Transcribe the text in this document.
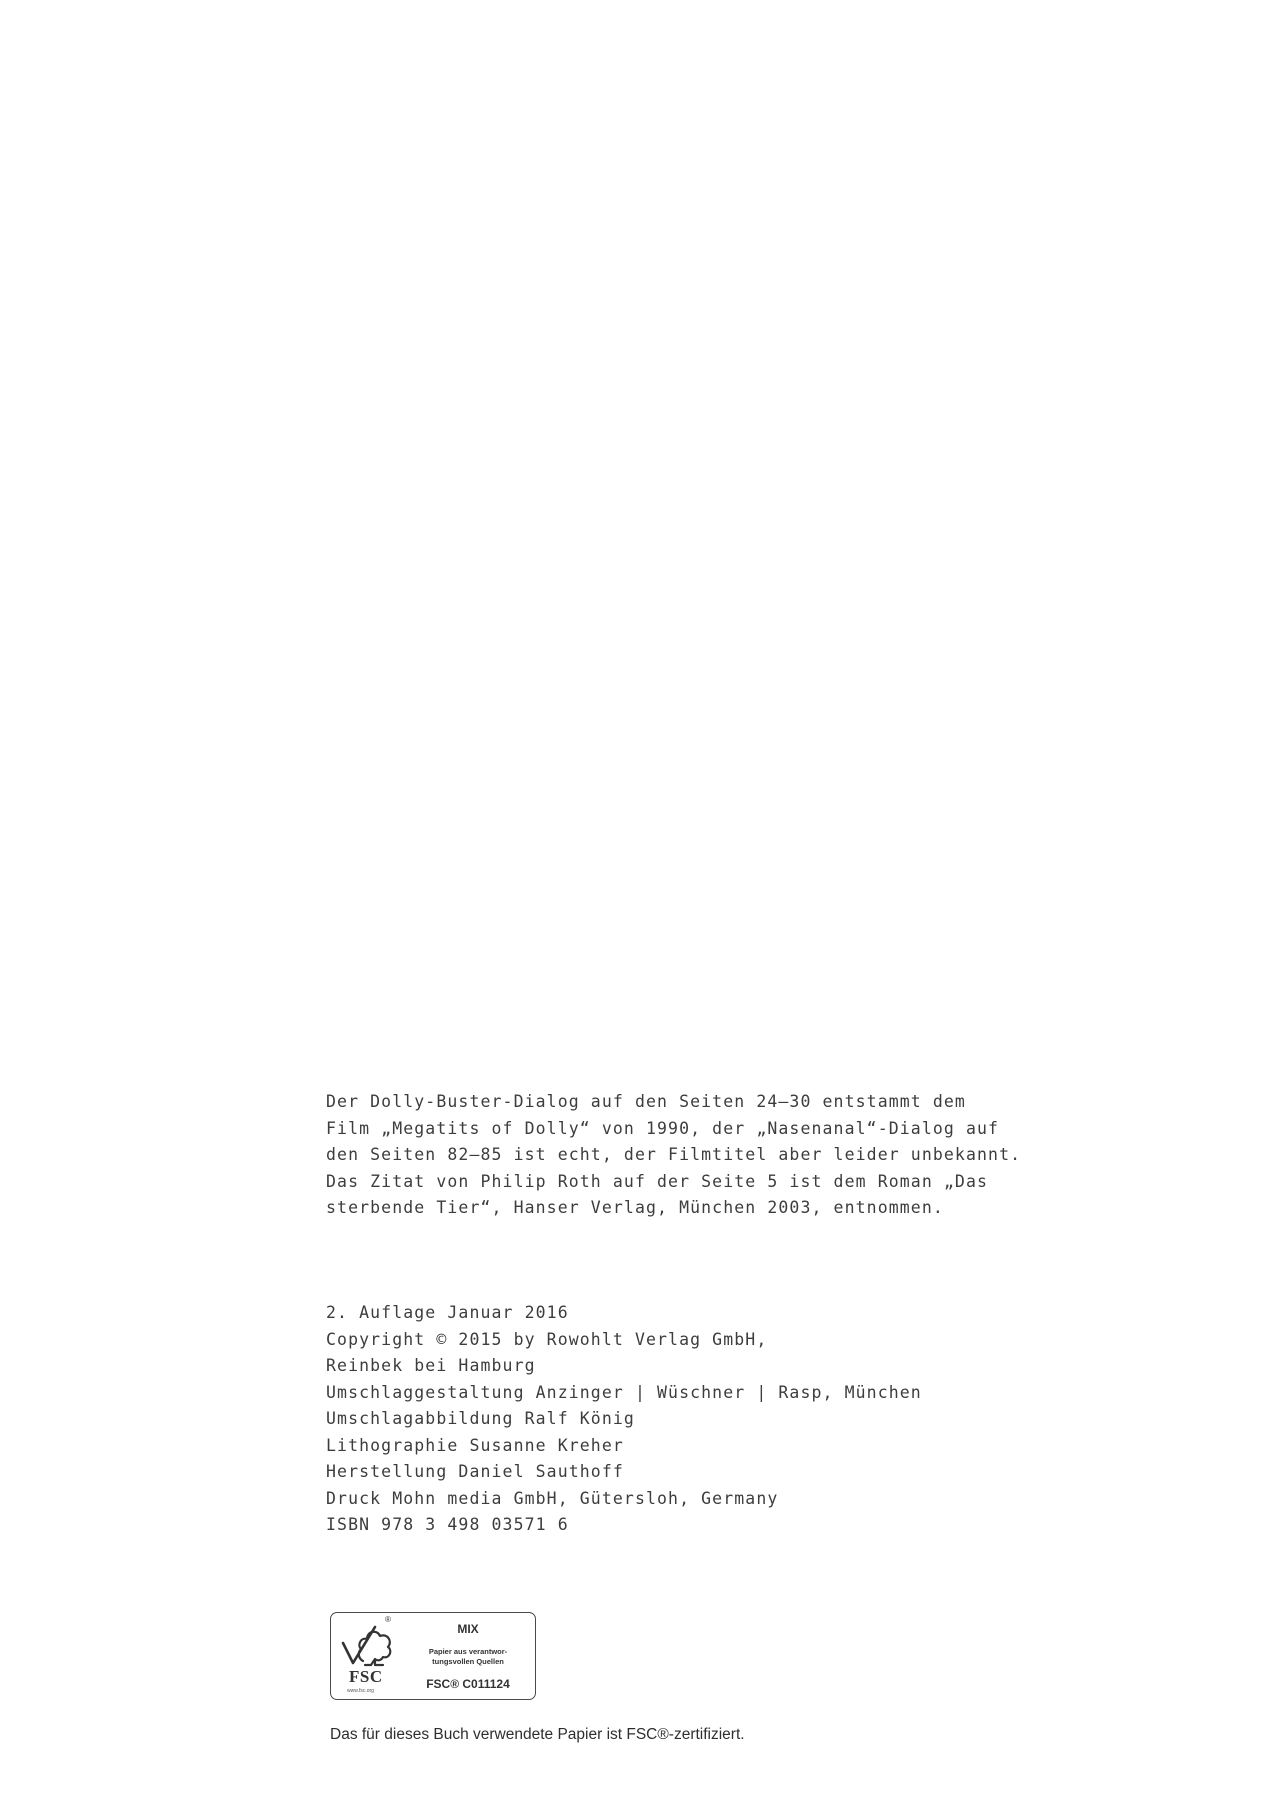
Der Dolly-Buster-Dialog auf den Seiten 24–30 entstammt dem
Film „Megatits of Dolly“ von 1990, der „Nasenanal“-Dialog auf
den Seiten 82–85 ist echt, der Filmtitel aber leider unbekannt.
Das Zitat von Philip Roth auf der Seite 5 ist dem Roman „Das
sterbende Tier“, Hanser Verlag, München 2003, entnommen.
2. Auflage Januar 2016
Copyright © 2015 by Rowohlt Verlag GmbH,
Reinbek bei Hamburg
Umschlaggestaltung Anzinger | Wüschner | Rasp, München
Umschlagabbildung Ralf König
Lithographie Susanne Kreher
Herstellung Daniel Sauthoff
Druck Mohn media GmbH, Gütersloh, Germany
ISBN 978 3 498 03571 6
®
FSC
www.fsc.org
MIX
Papier aus verantwor-
tungsvollen Quellen
FSC® C011124
Das für dieses Buch verwendete Papier ist FSC®-zertifiziert.
